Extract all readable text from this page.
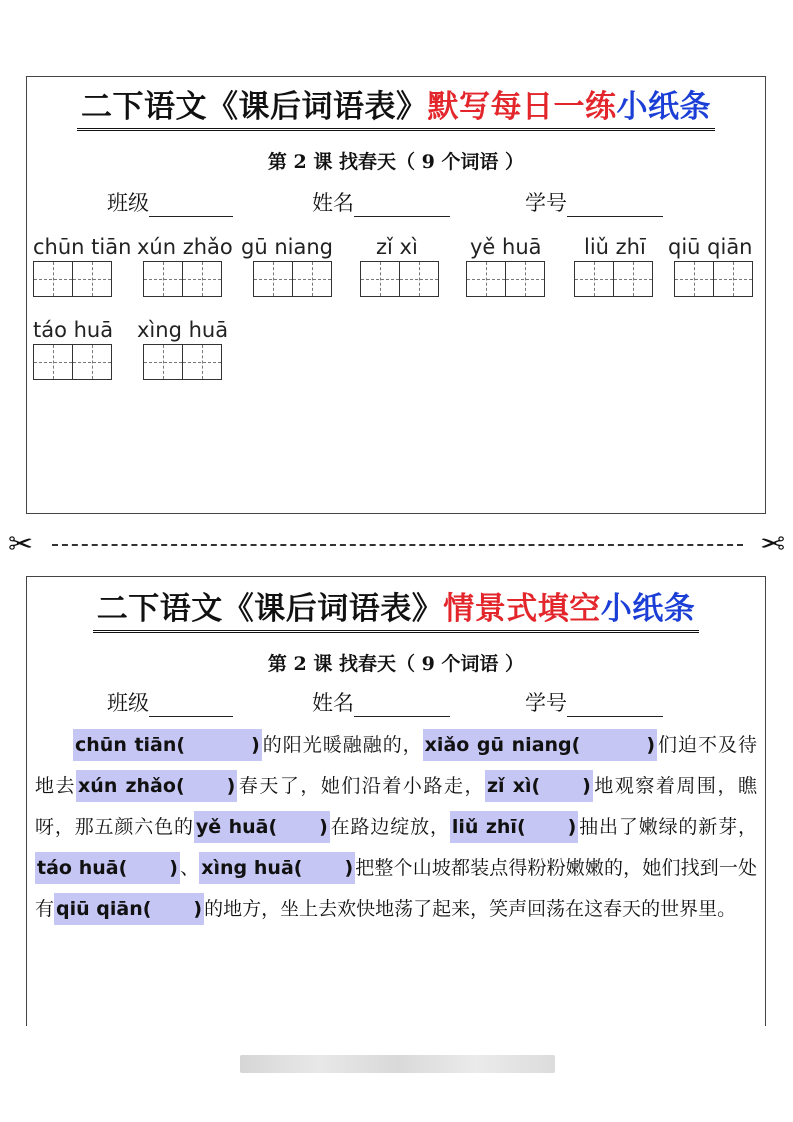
二下语文《课后词语表》默写每日一练小纸条
第 2 课 找春天（ 9 个词语 ）
班级	姓名	学号
chūn tiān xún zhǎo gū niang zǐ xì yě huā liǔ zhī qiū qiān
táo huā xìng huā
✂	✂
二下语文《课后词语表》情景式填空小纸条
第 2 课 找春天（ 9 个词语 ）
班级	姓名	学号
chūn tiān(	) 的阳光暖融融的， xiǎo gū niang(	) 们迫不及待地去 xún zhǎo( ) 春天了，她们沿着小路走， zǐ xì( ) 地观察着周围，瞧呀，那五颜六色的 yě huā( ) 在路边绽放， liǔ zhī( ) 抽出了嫩绿的新芽，táo huā( ) 、 xìng huā( ) 把整个山坡都装点得粉粉嫩嫩的，她们找到一处有 qiū qiān( ) 的地方，坐上去欢快地荡了起来，笑声回荡在这春天的世界里。
